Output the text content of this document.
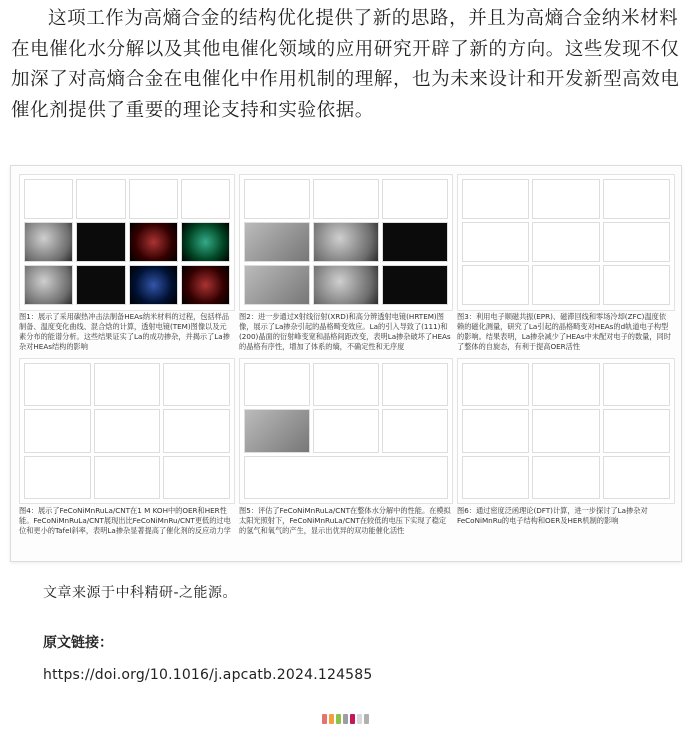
这项工作为高熵合金的结构优化提供了新的思路，并且为高熵合金纳米材料在电催化水分解以及其他电催化领域的应用研究开辟了新的方向。这些发现不仅加深了对高熵合金在电催化中作用机制的理解，也为未来设计和开发新型高效电催化剂提供了重要的理论支持和实验依据。

图1：展示了采用碳热冲击法制备HEAs纳米材料的过程，包括样品制备、温度变化曲线、混合焓的计算，透射电镜(TEM)图像以及元素分布的能谱分析。这些结果证实了La的成功掺杂，并揭示了La掺杂对HEAs结构的影响

图2：进一步通过X射线衍射(XRD)和高分辨透射电镜(HRTEM)图像，展示了La掺杂引起的晶格畸变效应。La的引入导致了(111)和(200)晶面的衍射峰变宽和晶格间距改变，表明La掺杂破坏了HEAs的晶格有序性，增加了体系的熵，不确定性和无序度

图3：利用电子顺磁共振(EPR)、磁滞回线和零场冷却(ZFC)温度依赖的磁化测量，研究了La引起的晶格畸变对HEAs的d轨道电子构型的影响。结果表明，La掺杂减少了HEAs中未配对电子的数量，同时了整体的自旋态，有利于提高OER活性

图4：展示了FeCoNiMnRuLa/CNT在1 M KOH中的OER和HER性能。FeCoNiMnRuLa/CNT展现出比FeCoNiMnRu/CNT更低的过电位和更小的Tafel斜率，表明La掺杂显著提高了催化剂的反应动力学

图5：评估了FeCoNiMnRuLa/CNT在整体水分解中的性能。在模拟太阳光照射下，FeCoNiMnRuLa/CNT在较低的电压下实现了稳定的氢气和氧气的产生，显示出优异的双功能催化活性

图6：通过密度泛函理论(DFT)计算，进一步探讨了La掺杂对FeCoNiMnRu的电子结构和OER及HER机制的影响

文章来源于中科精研-之能源。

原文链接：

https://doi.org/10.1016/j.apcatb.2024.124585
